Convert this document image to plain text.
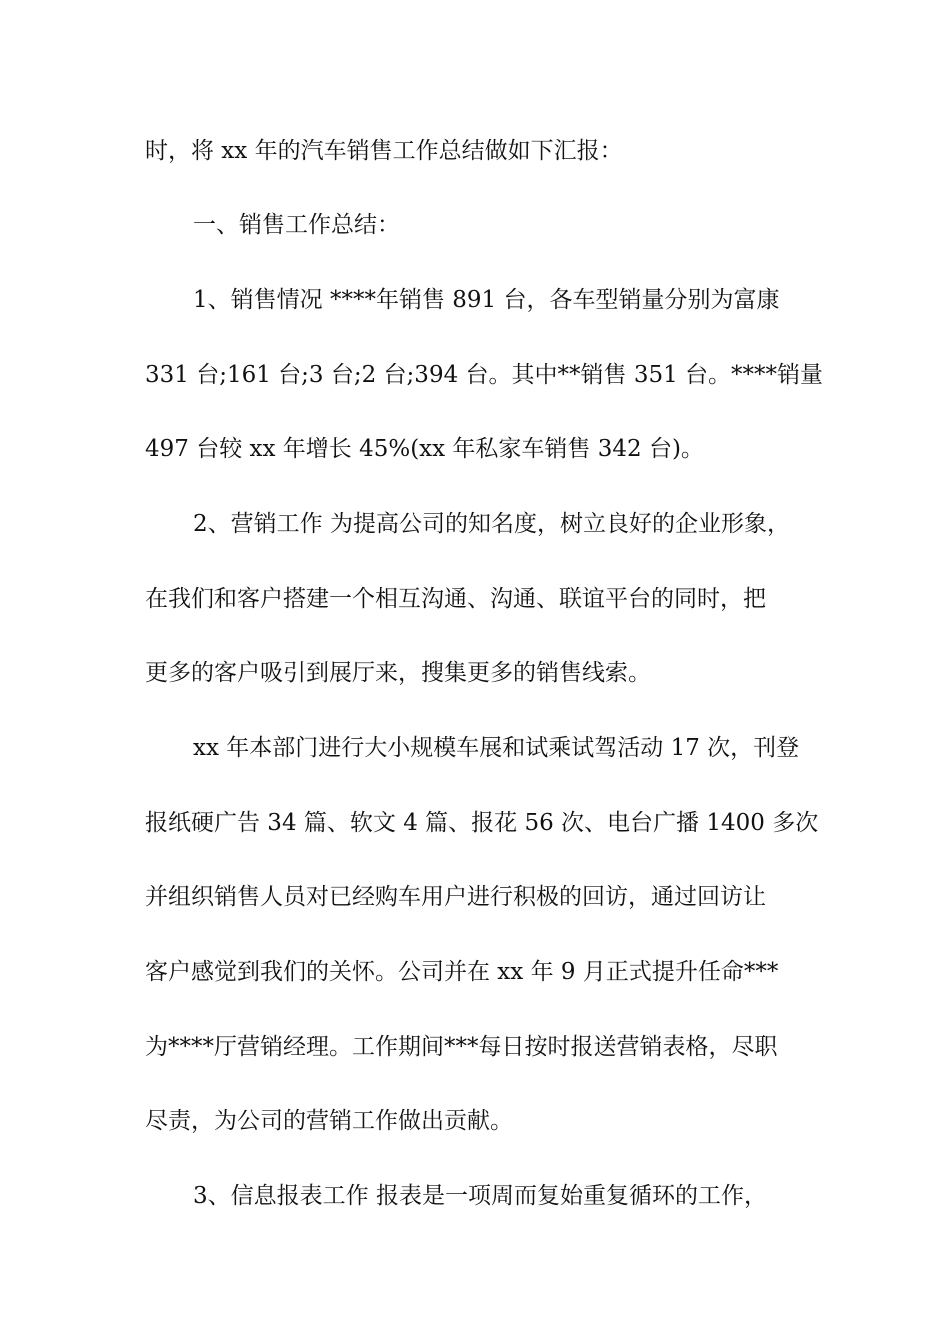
时，将 xx 年的汽车销售工作总结做如下汇报：
一、销售工作总结：
1、销售情况 ****年销售 891 台，各车型销量分别为富康
331 台;161 台;3 台;2 台;394 台。其中**销售 351 台。****销量
497 台较 xx 年增长 45%(xx 年私家车销售 342 台)。
2、营销工作 为提高公司的知名度，树立良好的企业形象，
在我们和客户搭建一个相互沟通、沟通、联谊平台的同时，把
更多的客户吸引到展厅来，搜集更多的销售线索。
xx 年本部门进行大小规模车展和试乘试驾活动 17 次，刊登
报纸硬广告 34 篇、软文 4 篇、报花 56 次、电台广播 1400 多次
并组织销售人员对已经购车用户进行积极的回访，通过回访让
客户感觉到我们的关怀。公司并在 xx 年 9 月正式提升任命***
为****厅营销经理。工作期间***每日按时报送营销表格，尽职
尽责，为公司的营销工作做出贡献。
3、信息报表工作 报表是一项周而复始重复循环的工作，
